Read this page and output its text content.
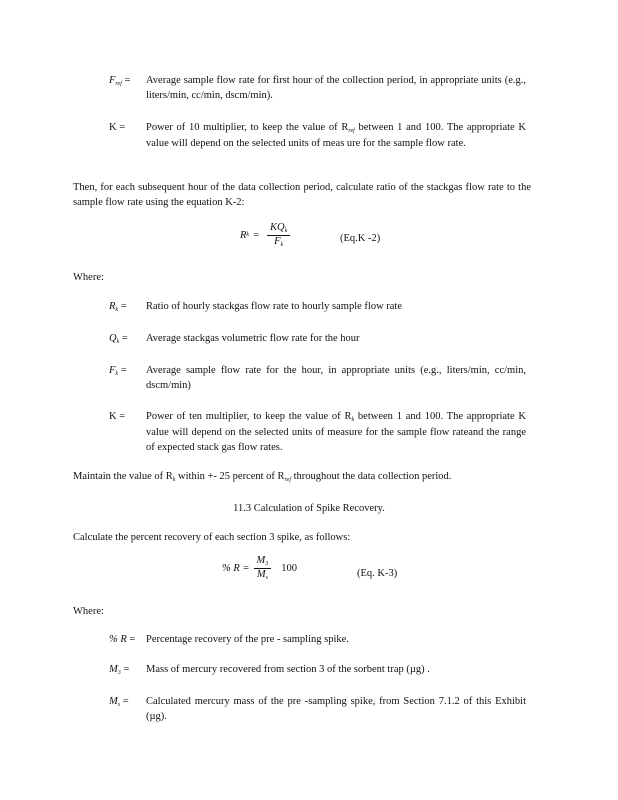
$F_{ref}$ =	Average sample flow rate for first hour of the collection period, in appropriate units (e.g., liters/min, cc/min, dscm/min).
K =	Power of 10 multiplier, to keep the value of $R_{ref}$ between 1 and 100. The appropriate K value will depend on the selected units of meas ure for the sample flow rate.
Then, for each subsequent hour of the data collection period, calculate ratio of the stackgas flow rate to the sample flow rate using the equation K-2:
R $k = \frac{KQ_k}{F_k}$	(Eq.K -2)
Where:
$R_k$ =	Ratio of hourly stackgas flow rate to hourly sample flow rate
$Q_k$ =	Average stackgas volumetric flow rate for the hour
$F_k$ =	Average sample flow rate for the hour, in appropriate units (e.g., liters/min, cc/min, dscm/min)
K =	Power of ten multiplier, to keep the value of $R_k$ between 1 and 100. The appropriate K value will depend on the selected units of measure for the sample flow rateand the range of expected stack gas flow rates.
Maintain the value of $R_k$ within +- 25 percent of $R_{ref}$ throughout the data collection period.
11.3 Calculation of Spike Recovery.
Calculate the percent recovery of each section 3 spike, as follows:
% $R = \frac{M_3}{M_s} 100$	(Eq. K-3)
Where:
% R =	Percentage recovery of the pre - sampling spike.
$M_3$ =	Mass of mercury recovered from section 3 of the sorbent trap (µg) .
$M_s$ =	Calculated mercury mass of the pre -sampling spike, from Section 7.1.2 of this Exhibit (µg).
